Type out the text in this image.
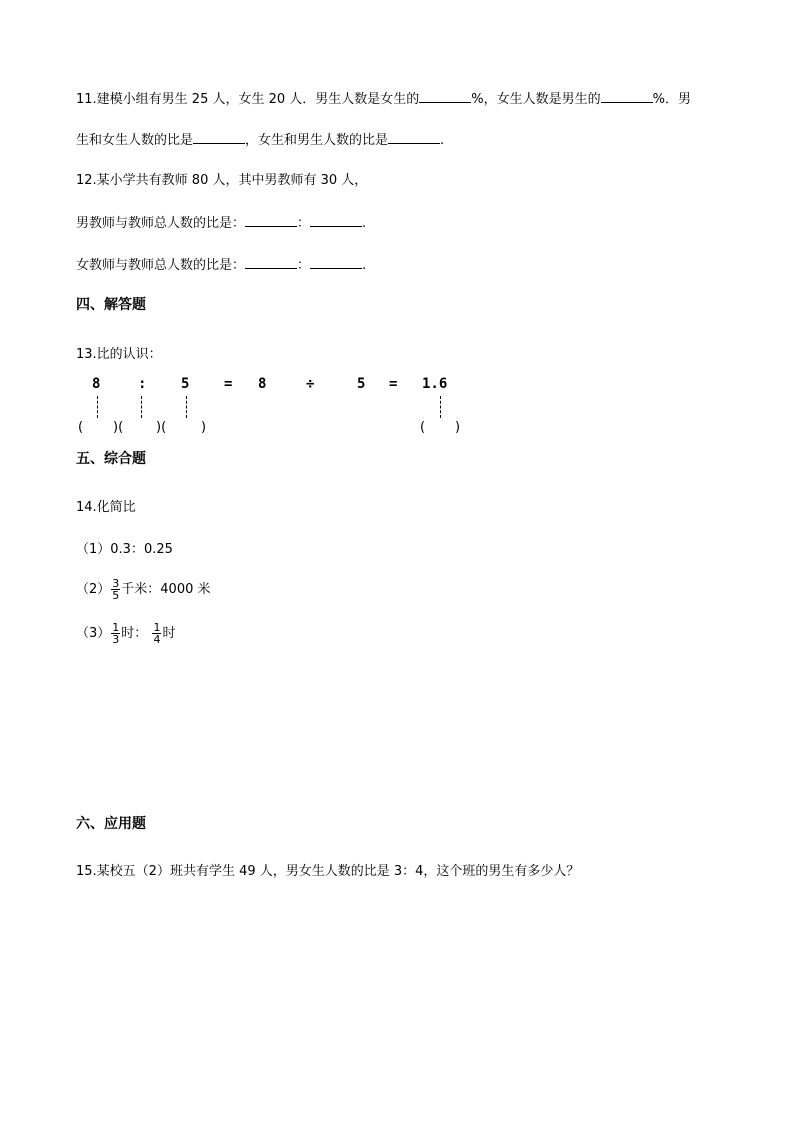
11.建模小组有男生 25 人，女生 20 人．男生人数是女生的	%，女生人数是男生的	%．男
生和女生人数的比是	，女生和男生人数的比是	.
12.某小学共有教师 80 人，其中男教师有 30 人，
男教师与教师总人数的比是：	：	.
女教师与教师总人数的比是：	：	.
四、解答题
13.比的认识：
8	: 5 = 8	÷	5 = 1.6
( )(	)(	)	( )
五、综合题
14.化简比
（1）0.3：0.25
$(2) \frac{3}{5}$ 千米：4000 米
$(3) \frac{1}{3}$ 时： $\frac{1}{4}$ 时
六、应用题
15.某校五（2）班共有学生 49 人，男女生人数的比是 3：4，这个班的男生有多少人？
